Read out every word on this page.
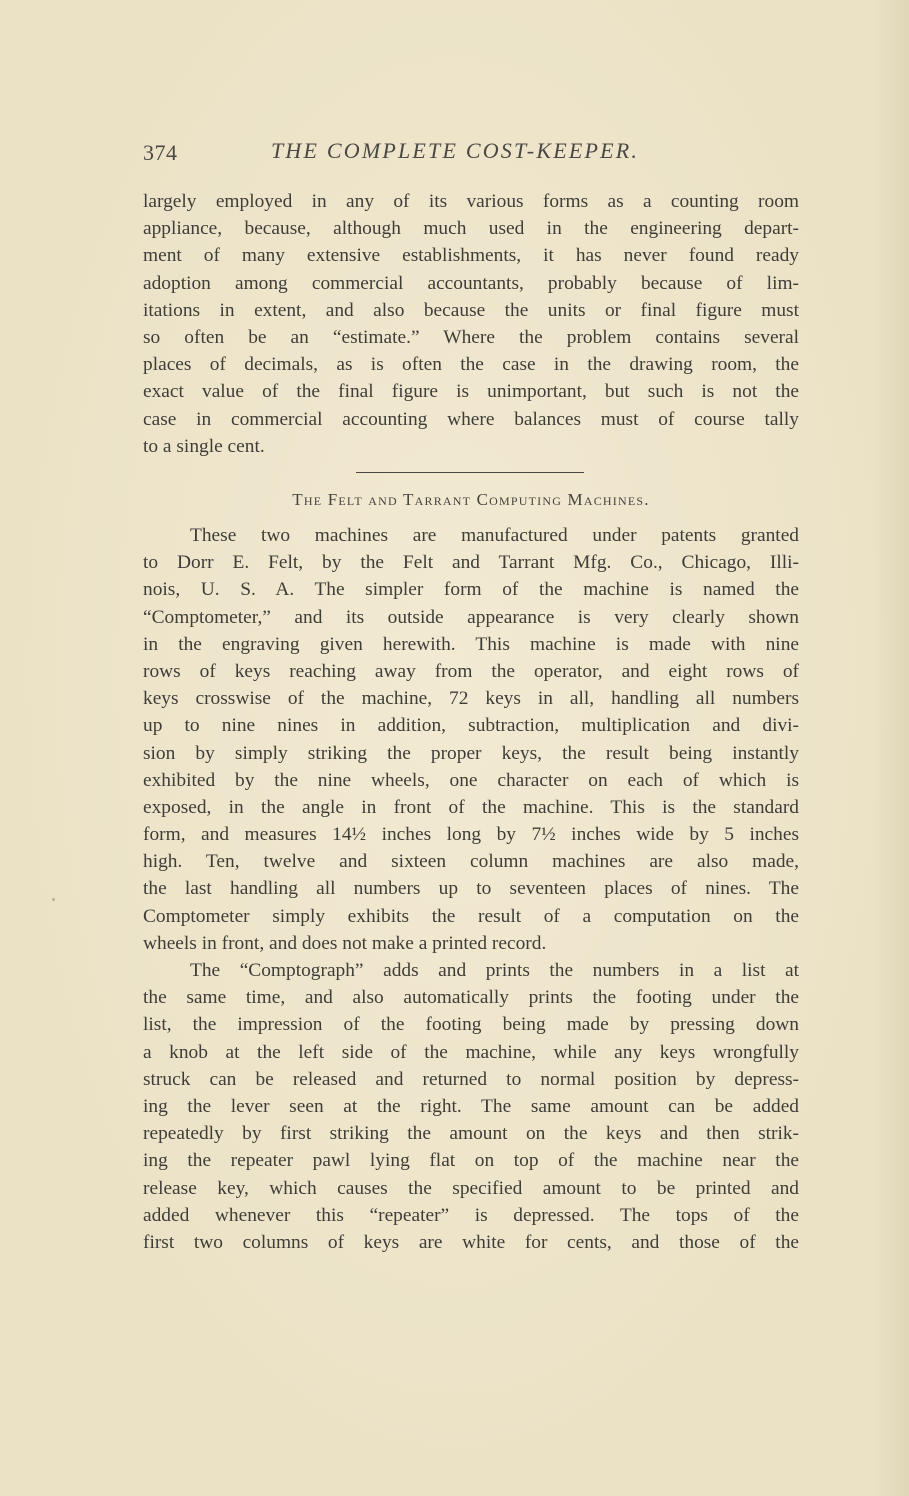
374	THE COMPLETE COST-KEEPER.
largely employed in any of its various forms as a counting room
appliance, because, although much used in the engineering depart-
ment of many extensive establishments, it has never found ready
adoption among commercial accountants, probably because of lim-
itations in extent, and also because the units or final figure must
so often be an “estimate.” Where the problem contains several
places of decimals, as is often the case in the drawing room, the
exact value of the final figure is unimportant, but such is not the
case in commercial accounting where balances must of course tally
to a single cent.
The Felt and Tarrant Computing Machines.
These two machines are manufactured under patents granted
to Dorr E. Felt, by the Felt and Tarrant Mfg. Co., Chicago, Illi-
nois, U. S. A. The simpler form of the machine is named the
“Comptometer,” and its outside appearance is very clearly shown
in the engraving given herewith. This machine is made with nine
rows of keys reaching away from the operator, and eight rows of
keys crosswise of the machine, 72 keys in all, handling all numbers
up to nine nines in addition, subtraction, multiplication and divi-
sion by simply striking the proper keys, the result being instantly
exhibited by the nine wheels, one character on each of which is
exposed, in the angle in front of the machine. This is the standard
form, and measures 14½ inches long by 7½ inches wide by 5 inches
high. Ten, twelve and sixteen column machines are also made,
the last handling all numbers up to seventeen places of nines. The
Comptometer simply exhibits the result of a computation on the
wheels in front, and does not make a printed record.
The “Comptograph” adds and prints the numbers in a list at
the same time, and also automatically prints the footing under the
list, the impression of the footing being made by pressing down
a knob at the left side of the machine, while any keys wrongfully
struck can be released and returned to normal position by depress-
ing the lever seen at the right. The same amount can be added
repeatedly by first striking the amount on the keys and then strik-
ing the repeater pawl lying flat on top of the machine near the
release key, which causes the specified amount to be printed and
added whenever this “repeater” is depressed. The tops of the
first two columns of keys are white for cents, and those of the
